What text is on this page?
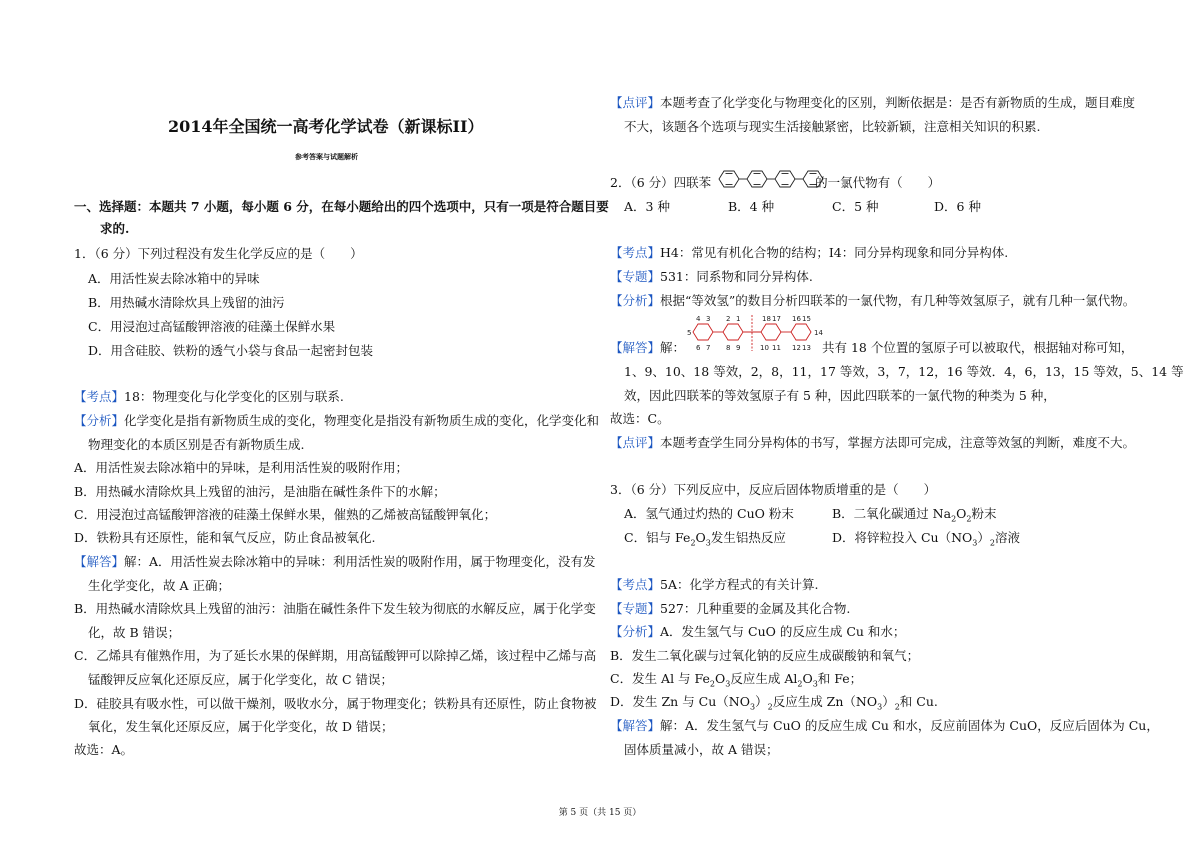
2014年全国统一高考化学试卷（新课标II）
参考答案与试题解析
一、选择题：本题共 7 小题，每小题 6 分，在每小题给出的四个选项中，只有一项是符合题目要
求的.
1．（6 分）下列过程没有发生化学反应的是（　　）
A．用活性炭去除冰箱中的异味
B．用热碱水清除炊具上残留的油污
C．用浸泡过高锰酸钾溶液的硅藻土保鲜水果
D．用含硅胶、铁粉的透气小袋与食品一起密封包装
【考点】18：物理变化与化学变化的区别与联系.
【分析】化学变化是指有新物质生成的变化，物理变化是指没有新物质生成的变化，化学变化和
物理变化的本质区别是否有新物质生成.
A．用活性炭去除冰箱中的异味，是利用活性炭的吸附作用；
B．用热碱水清除炊具上残留的油污，是油脂在碱性条件下的水解；
C．用浸泡过高锰酸钾溶液的硅藻土保鲜水果，催熟的乙烯被高锰酸钾氧化；
D．铁粉具有还原性，能和氧气反应，防止食品被氧化.
【解答】解：A．用活性炭去除冰箱中的异味：利用活性炭的吸附作用，属于物理变化，没有发
生化学变化，故 A 正确；
B．用热碱水清除炊具上残留的油污：油脂在碱性条件下发生较为彻底的水解反应，属于化学变
化，故 B 错误；
C．乙烯具有催熟作用，为了延长水果的保鲜期，用高锰酸钾可以除掉乙烯，该过程中乙烯与高
锰酸钾反应氧化还原反应，属于化学变化，故 C 错误；
D．硅胶具有吸水性，可以做干燥剂，吸收水分，属于物理变化；铁粉具有还原性，防止食物被
氧化，发生氧化还原反应，属于化学变化，故 D 错误；
故选：A。
【点评】本题考查了化学变化与物理变化的区别，判断依据是：是否有新物质的生成，题目难度
不大，该题各个选项与现实生活接触紧密，比较新颖，注意相关知识的积累.
2．（6 分）四联苯	的一氯代物有（　　）
A．3 种	B．4 种	C．5 种	D．6 种
【考点】H4：常见有机化合物的结构；I4：同分异构现象和同分异构体.
【专题】531：同系物和同分异构体.
【分析】根据“等效氢”的数目分析四联苯的一氯代物，有几种等效氢原子，就有几种一氯代物。
4 3 2 1	18 17 16 15
5	14
6 7 8 9	10 11 12 13
【解答】解：	共有 18 个位置的氢原子可以被取代，根据轴对称可知，
1、9、10、18 等效，2，8，11，17 等效，3，7，12，16 等效．4，6，13，15 等效，5、14 等
效，因此四联苯的等效氢原子有 5 种，因此四联苯的一氯代物的种类为 5 种，
故选：C。
【点评】本题考查学生同分异构体的书写，掌握方法即可完成，注意等效氢的判断，难度不大。
3．（6 分）下列反应中，反应后固体物质增重的是（　　）
A．氢气通过灼热的 CuO 粉末	B．二氧化碳通过 $Na_2O_2$粉末
C．铝与 $Fe_2O_3$发生铝热反应	D．将锌粒投入 $Cu(NO_3)_2$溶液
【考点】5A：化学方程式的有关计算.
【专题】527：几种重要的金属及其化合物.
【分析】A．发生氢气与 CuO 的反应生成 Cu 和水；
B．发生二氧化碳与过氧化钠的反应生成碳酸钠和氧气；
C．发生 Al 与 $Fe_2O_3$反应生成 $Al_2O_3$和 Fe；
D．发生 Zn 与 $Cu(NO_3)_2$反应生成 $Zn(NO_3)_2$和 Cu.
【解答】解：A．发生氢气与 CuO 的反应生成 Cu 和水，反应前固体为 CuO，反应后固体为 Cu，
固体质量减小，故 A 错误；
第 5 页（共 15 页）
